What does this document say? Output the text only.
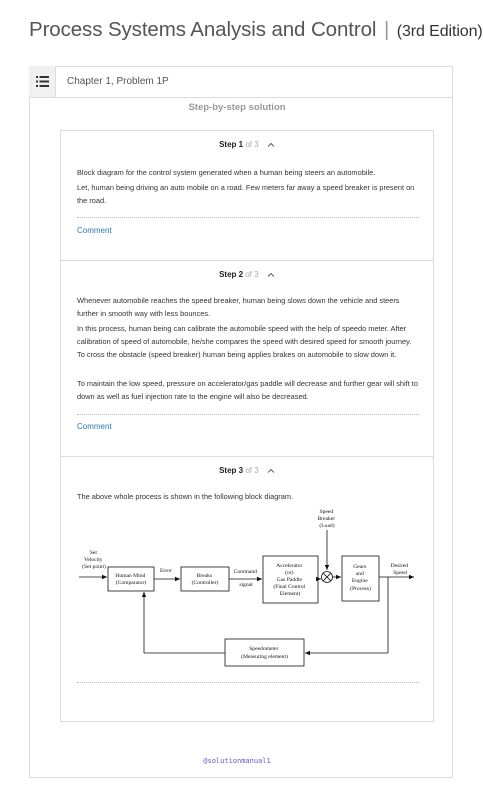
Process Systems Analysis and Control | (3rd Edition)
Chapter 1, Problem 1P
Step-by-step solution
Step 1 of 3

Block diagram for the control system generated when a human being steers an automobile.

Let, human being driving an auto mobile on a road. Few meters far away a speed breaker is present on the road.

Comment
Step 2 of 3

Whenever automobile reaches the speed breaker, human being slows down the vehicle and steers further in smooth way with less bounces.

In this process, human being can calibrate the automobile speed with the help of speedo meter. After calibration of speed of automobile, he/she compares the speed with desired speed for smooth journey. To cross the obstacle (speed breaker) human being applies brakes on automobile to slow down it.

To maintain the low speed, pressure on accelerator/gas paddle will decrease and further gear will shift to down as well as fuel injection rate to the engine will also be decreased.

Comment
Step 3 of 3

The above whole process is shown in the following block diagram.

Set Velocity (Set point)
Human Mind (Comparator)
Error
Breaks (Controller)
Command signal
Accelerator (or) Gas Paddle (Final Control Element)
Speed Breaker (Load)
Gears and Engine (Process)
Desired Speed
Speedometer (Measuring element)
@solutionmanual1
